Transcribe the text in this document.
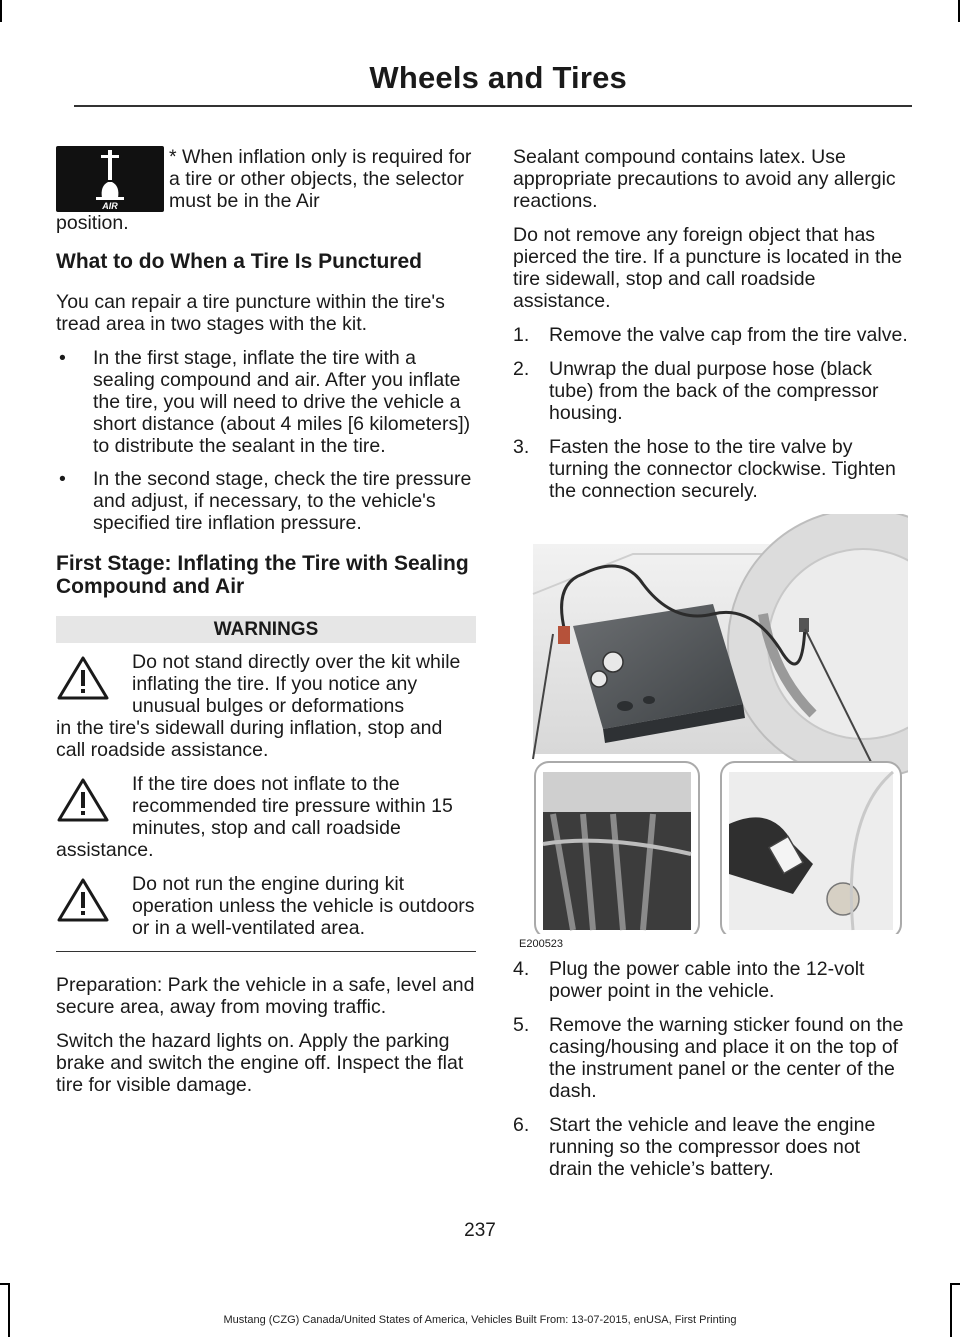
Wheels and Tires
AIR

* When inflation only is required for a tire or other objects, the selector must be in the Air

position.

What to do When a Tire Is Punctured

You can repair a tire puncture within the tire's tread area in two stages with the kit.

•	In the first stage, inflate the tire with a sealing compound and air. After you inflate the tire, you will need to drive the vehicle a short distance (about 4 miles [6 kilometers]) to distribute the sealant in the tire.
•	In the second stage, check the tire pressure and adjust, if necessary, to the vehicle's specified tire inflation pressure.
First Stage: Inflating the Tire with Sealing Compound and Air
WARNINGS
Do not stand directly over the kit while inflating the tire. If you notice any unusual bulges or deformations
in the tire's sidewall during inflation, stop and call roadside assistance.
If the tire does not inflate to the recommended tire pressure within 15 minutes, stop and call roadside
assistance.
Do not run the engine during kit operation unless the vehicle is outdoors or in a well-ventilated area.

Preparation: Park the vehicle in a safe, level and secure area, away from moving traffic.

Switch the hazard lights on. Apply the parking brake and switch the engine off. Inspect the flat tire for visible damage.

Sealant compound contains latex. Use appropriate precautions to avoid any allergic reactions.

Do not remove any foreign object that has pierced the tire. If a puncture is located in the tire sidewall, stop and call roadside assistance.

1.	Remove the valve cap from the tire valve.
2.	Unwrap the dual purpose hose (black tube) from the back of the compressor housing.
3.	Fasten the hose to the tire valve by turning the connector clockwise. Tighten the connection securely.
E200523
4.	Plug the power cable into the 12-volt power point in the vehicle.
5.	Remove the warning sticker found on the casing/housing and place it on the top of the instrument panel or the center of the dash.
6.	Start the vehicle and leave the engine running so the compressor does not drain the vehicle’s battery.
237
Mustang (CZG) Canada/United States of America, Vehicles Built From: 13-07-2015, enUSA, First Printing
